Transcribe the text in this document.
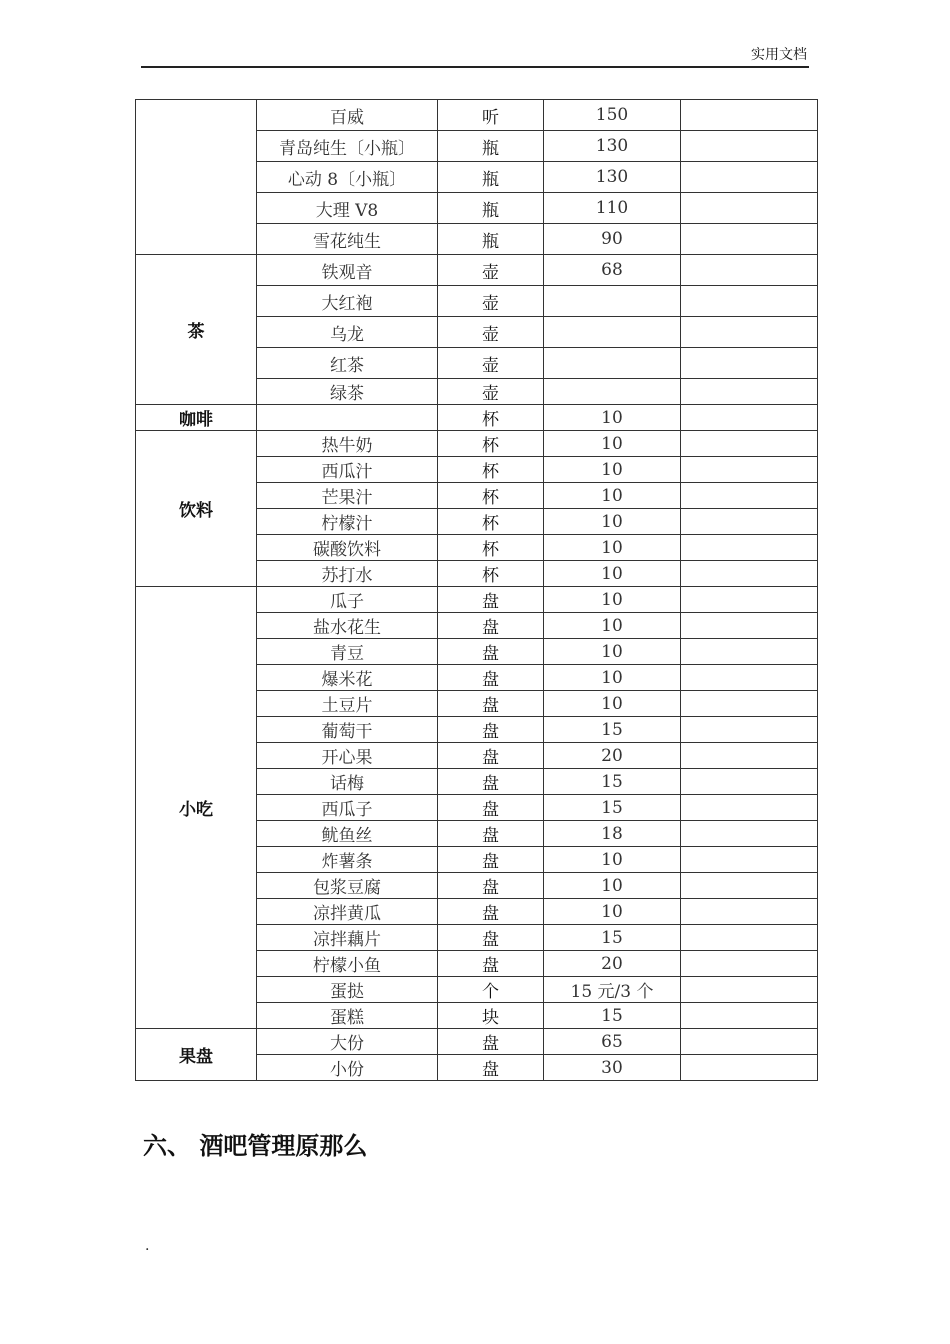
实用文档
	百威	听	150	
	青岛纯生〔小瓶〕	瓶	130	
	心动 8〔小瓶〕	瓶	130	
	大理 V8	瓶	110	
	雪花纯生	瓶	90	
茶	铁观音	壶	68	
	大红袍	壶		
	乌龙	壶		
	红茶	壶		
	绿茶	壶		
咖啡		杯	10	
饮料	热牛奶	杯	10	
	西瓜汁	杯	10	
	芒果汁	杯	10	
	柠檬汁	杯	10	
	碳酸饮料	杯	10	
	苏打水	杯	10	
小吃	瓜子	盘	10	
	盐水花生	盘	10	
	青豆	盘	10	
	爆米花	盘	10	
	土豆片	盘	10	
	葡萄干	盘	15	
	开心果	盘	20	
	话梅	盘	15	
	西瓜子	盘	15	
	鱿鱼丝	盘	18	
	炸薯条	盘	10	
	包浆豆腐	盘	10	
	凉拌黄瓜	盘	10	
	凉拌藕片	盘	15	
	柠檬小鱼	盘	20	
	蛋挞	个	15 元/3 个	
	蛋糕	块	15	
果盘	大份	盘	65	
	小份	盘	30	
六、 酒吧管理原那么
.
